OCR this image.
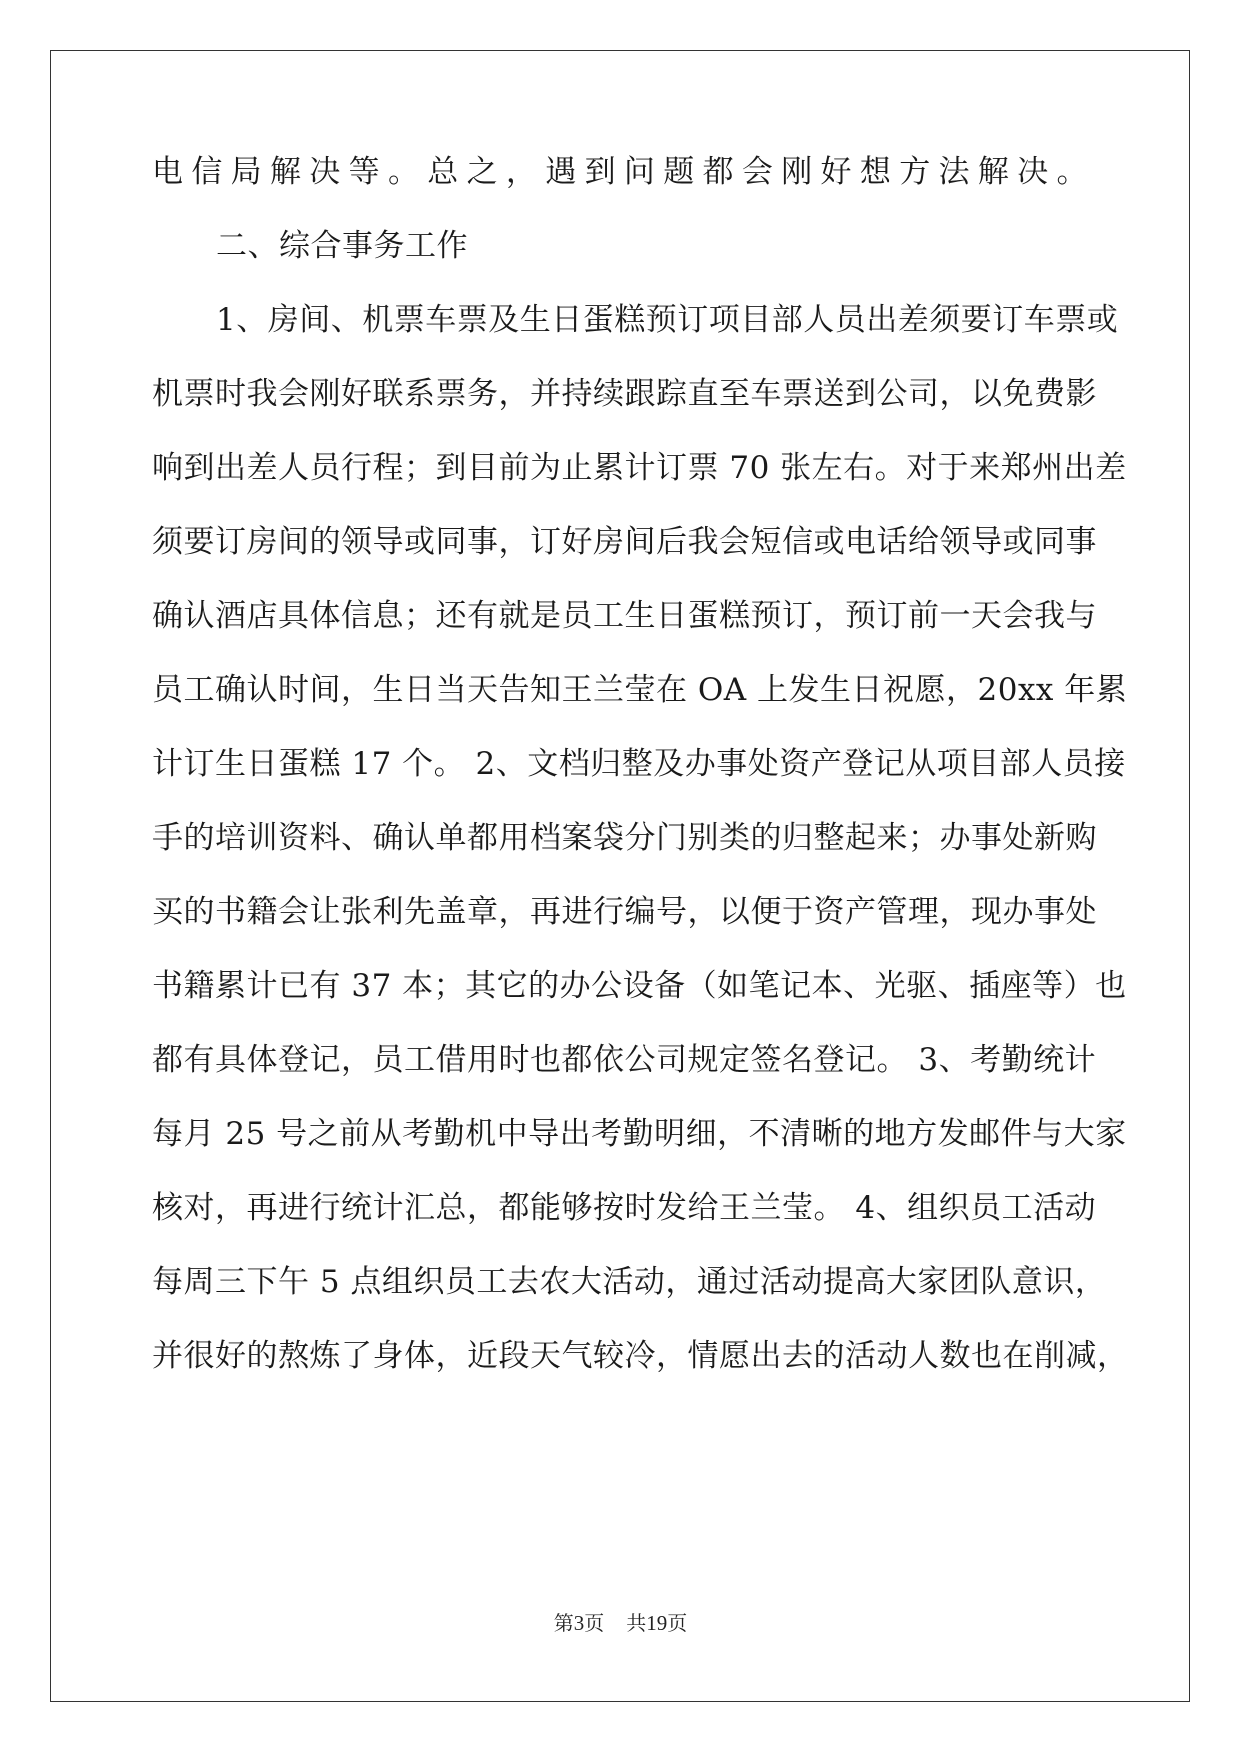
电信局解决等。总之，遇到问题都会刚好想方法解决。
二、综合事务工作
1、房间、机票车票及生日蛋糕预订项目部人员出差须要订车票或
机票时我会刚好联系票务，并持续跟踪直至车票送到公司，以免费影
响到出差人员行程；到目前为止累计订票 70 张左右。对于来郑州出差
须要订房间的领导或同事，订好房间后我会短信或电话给领导或同事
确认酒店具体信息；还有就是员工生日蛋糕预订，预订前一天会我与
员工确认时间，生日当天告知王兰莹在 OA 上发生日祝愿，20xx 年累
计订生日蛋糕 17 个。 2、文档归整及办事处资产登记从项目部人员接
手的培训资料、确认单都用档案袋分门别类的归整起来；办事处新购
买的书籍会让张利先盖章，再进行编号，以便于资产管理，现办事处
书籍累计已有 37 本；其它的办公设备（如笔记本、光驱、插座等）也
都有具体登记，员工借用时也都依公司规定签名登记。 3、考勤统计
每月 25 号之前从考勤机中导出考勤明细，不清晰的地方发邮件与大家
核对，再进行统计汇总，都能够按时发给王兰莹。 4、组织员工活动
每周三下午 5 点组织员工去农大活动，通过活动提高大家团队意识，
并很好的熬炼了身体，近段天气较冷，情愿出去的活动人数也在削减，
第3页 共19页
